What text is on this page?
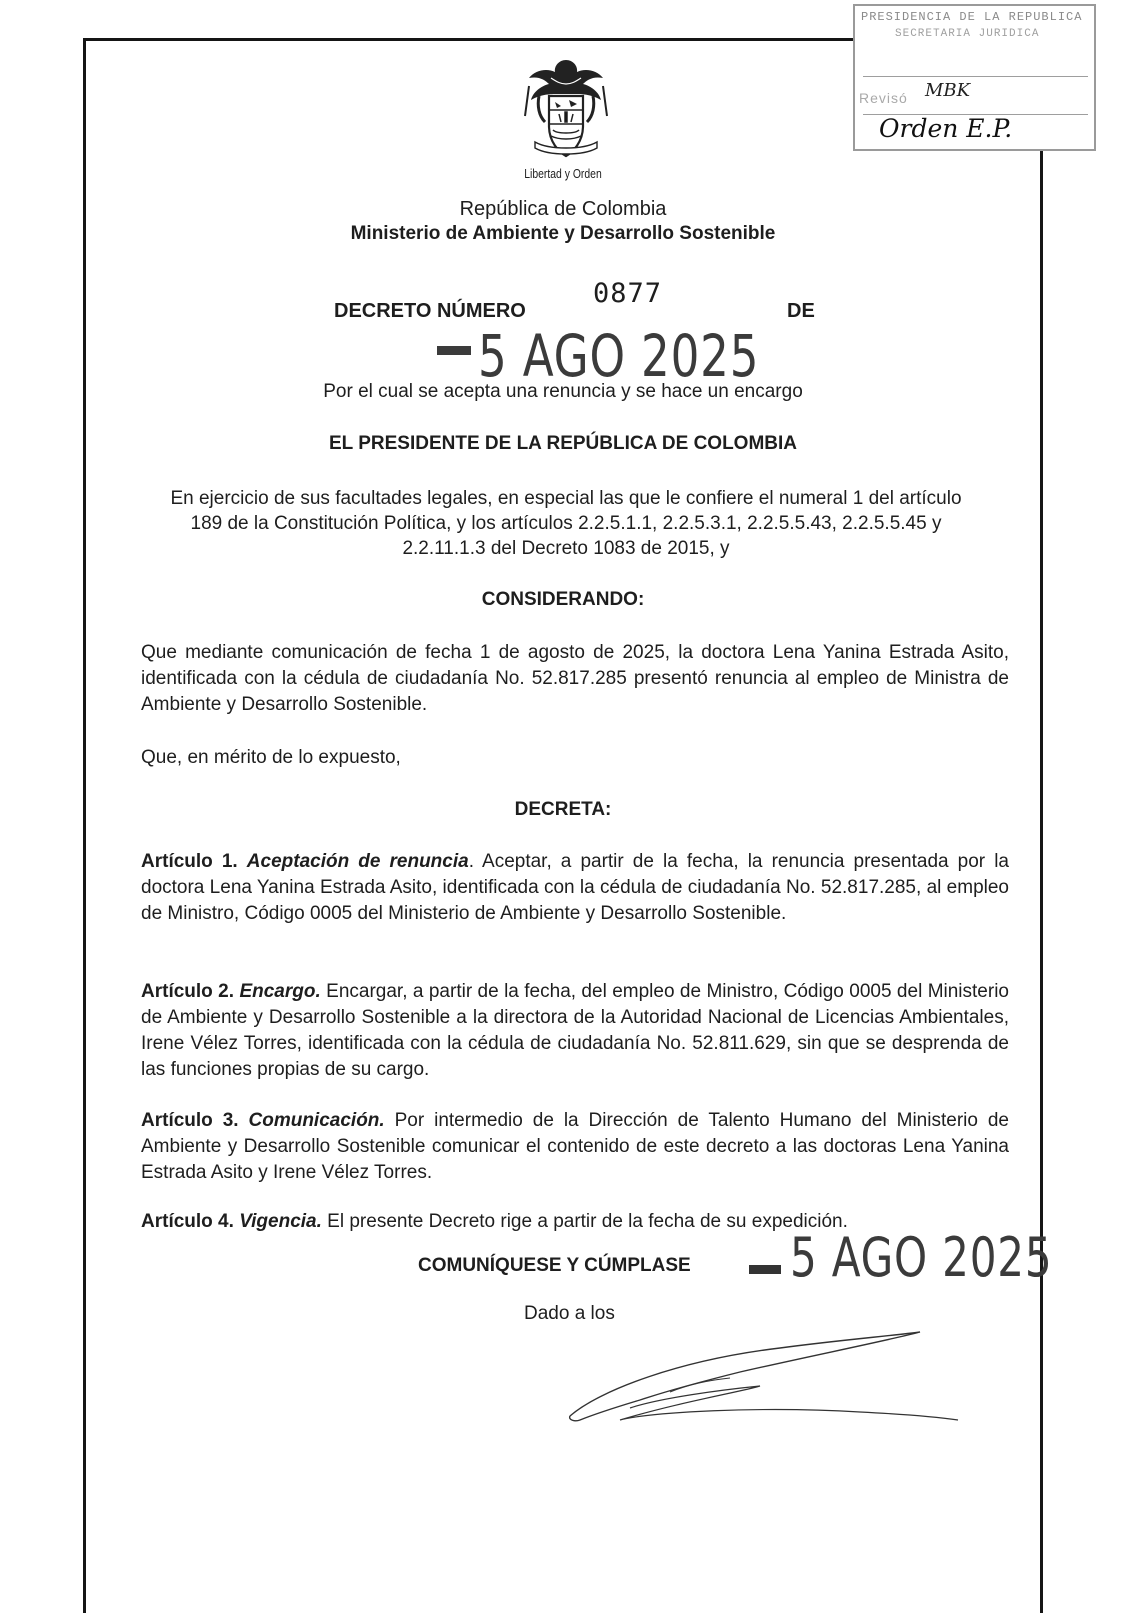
PRESIDENCIA DE LA REPUBLICA
SECRETARIA JURIDICA
Revisó MBK
Orden E.P.
Libertad y Orden
República de Colombia
Ministerio de Ambiente y Desarrollo Sostenible
DECRETO NÚMERO
0877
DE
5 AGO 2025
Por el cual se acepta una renuncia y se hace un encargo
EL PRESIDENTE DE LA REPÚBLICA DE COLOMBIA
En ejercicio de sus facultades legales, en especial las que le confiere el numeral 1 del artículo 189 de la Constitución Política, y los artículos 2.2.5.1.1, 2.2.5.3.1, 2.2.5.5.43, 2.2.5.5.45 y 2.2.11.1.3 del Decreto 1083 de 2015, y
CONSIDERANDO:
Que mediante comunicación de fecha 1 de agosto de 2025, la doctora Lena Yanina Estrada Asito, identificada con la cédula de ciudadanía No. 52.817.285 presentó renuncia al empleo de Ministra de Ambiente y Desarrollo Sostenible.
Que, en mérito de lo expuesto,
DECRETA:
Artículo 1. Aceptación de renuncia. Aceptar, a partir de la fecha, la renuncia presentada por la doctora Lena Yanina Estrada Asito, identificada con la cédula de ciudadanía No. 52.817.285, al empleo de Ministro, Código 0005 del Ministerio de Ambiente y Desarrollo Sostenible.
Artículo 2. Encargo. Encargar, a partir de la fecha, del empleo de Ministro, Código 0005 del Ministerio de Ambiente y Desarrollo Sostenible a la directora de la Autoridad Nacional de Licencias Ambientales, Irene Vélez Torres, identificada con la cédula de ciudadanía No. 52.811.629, sin que se desprenda de las funciones propias de su cargo.
Artículo 3. Comunicación. Por intermedio de la Dirección de Talento Humano del Ministerio de Ambiente y Desarrollo Sostenible comunicar el contenido de este decreto a las doctoras Lena Yanina Estrada Asito y Irene Vélez Torres.
Artículo 4. Vigencia. El presente Decreto rige a partir de la fecha de su expedición.
COMUNÍQUESE Y CÚMPLASE 5 AGO 2025
Dado a los
